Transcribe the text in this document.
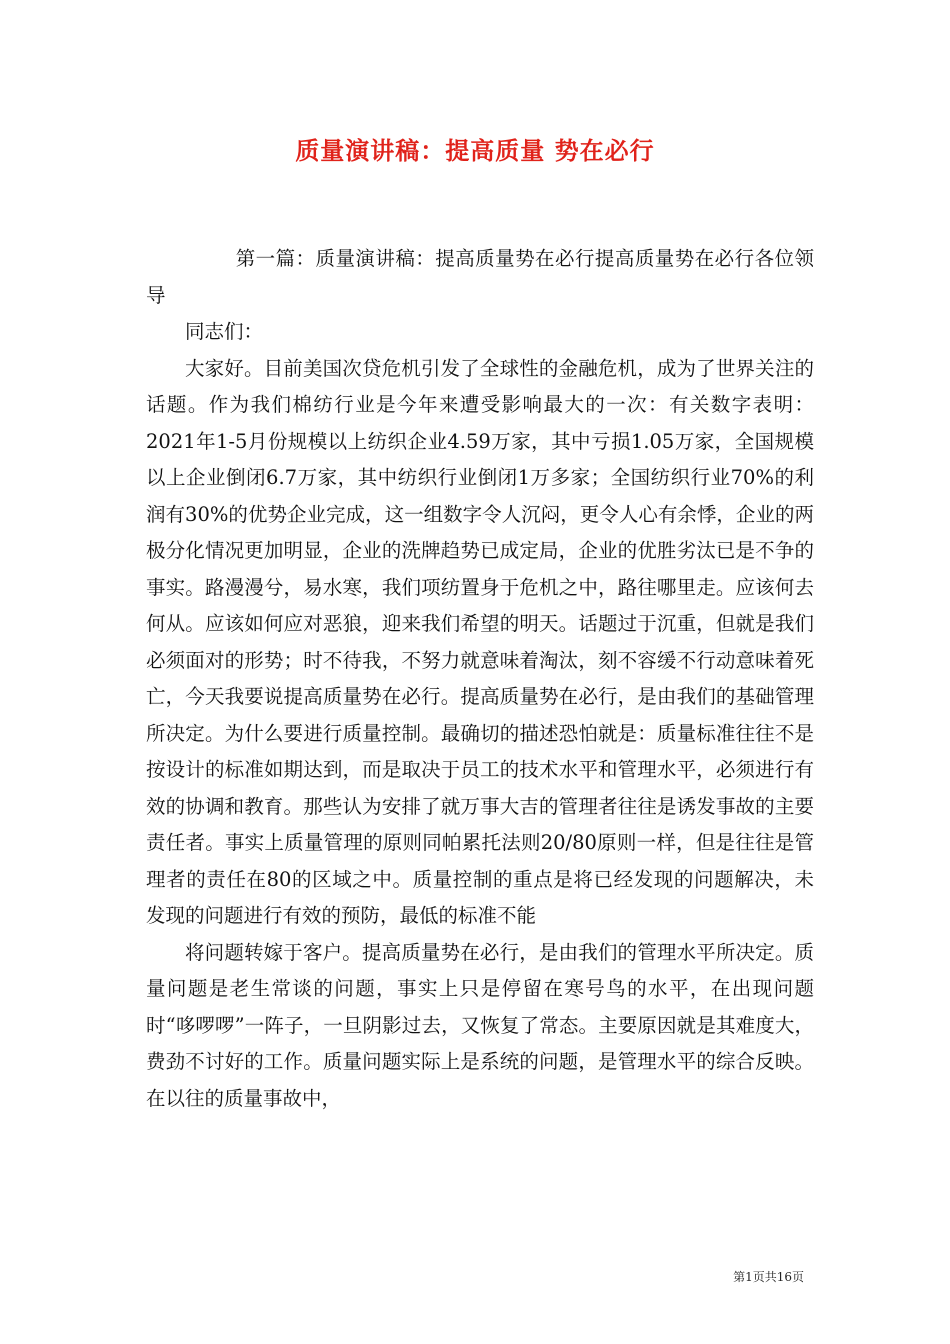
质量演讲稿：提高质量 势在必行

第一篇：质量演讲稿：提高质量势在必行提高质量势在必行各位领导

同志们：

大家好。目前美国次贷危机引发了全球性的金融危机，成为了世界关注的话题。作为我们棉纺行业是今年来遭受影响最大的一次：有关数字表明：2021年1-5月份规模以上纺织企业4.59万家，其中亏损1.05万家，全国规模以上企业倒闭6.7万家，其中纺织行业倒闭1万多家；全国纺织行业70%的利润有30%的优势企业完成，这一组数字令人沉闷，更令人心有余悸，企业的两极分化情况更加明显，企业的洗牌趋势已成定局，企业的优胜劣汰已是不争的事实。路漫漫兮，易水寒，我们项纺置身于危机之中，路往哪里走。应该何去何从。应该如何应对恶狼，迎来我们希望的明天。话题过于沉重，但就是我们必须面对的形势；时不待我，不努力就意味着淘汰，刻不容缓不行动意味着死亡，今天我要说提高质量势在必行。提高质量势在必行，是由我们的基础管理所决定。为什么要进行质量控制。最确切的描述恐怕就是：质量标准往往不是按设计的标准如期达到，而是取决于员工的技术水平和管理水平，必须进行有效的协调和教育。那些认为安排了就万事大吉的管理者往往是诱发事故的主要责任者。事实上质量管理的原则同帕累托法则20/80原则一样，但是往往是管理者的责任在80的区域之中。质量控制的重点是将已经发现的问题解决，未发现的问题进行有效的预防，最低的标准不能

将问题转嫁于客户。提高质量势在必行，是由我们的管理水平所决定。质量问题是老生常谈的问题，事实上只是停留在寒号鸟的水平，在出现问题时“哆啰啰”一阵子，一旦阴影过去，又恢复了常态。主要原因就是其难度大，费劲不讨好的工作。质量问题实际上是系统的问题，是管理水平的综合反映。在以往的质量事故中，

第1页共16页
